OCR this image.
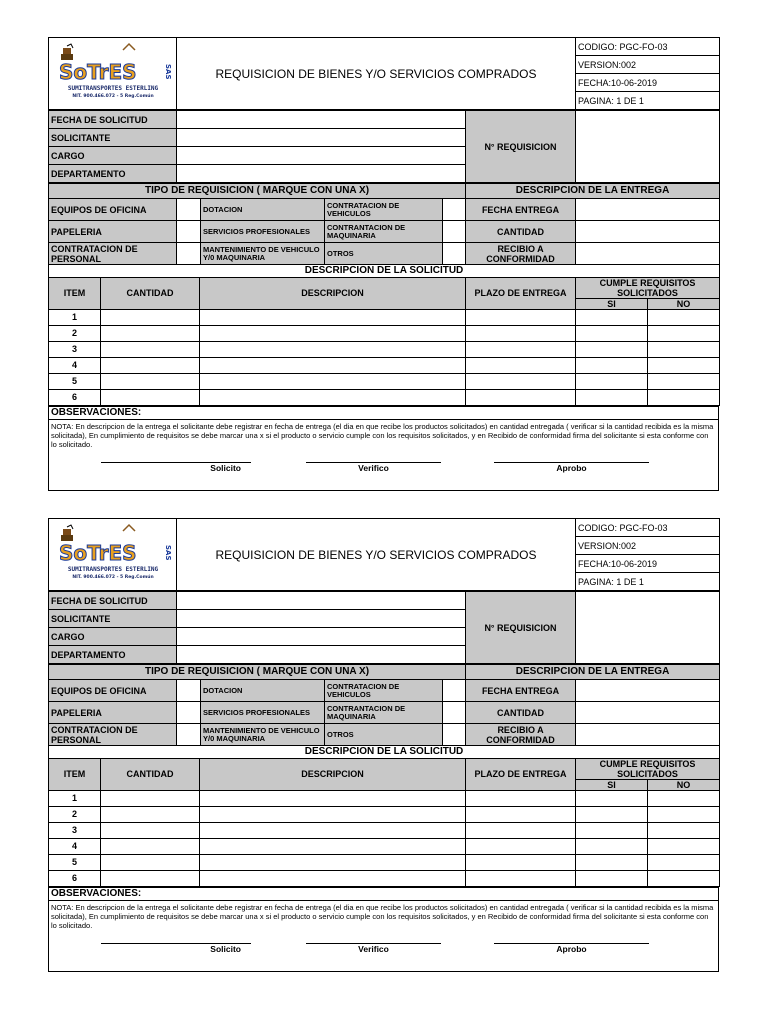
SoTrES	SAS
SUMITRANSPORTES ESTERLING
NIT. 900.466.072 - 5 Reg.Común
	REQUISICION DE BIENES Y/O SERVICIOS COMPRADOS	CODIGO: PGC-FO-03
VERSION:002
FECHA:10-06-2019
PAGINA: 1 DE 1
FECHA DE SOLICITUD		N° REQUISICION	
SOLICITANTE			
CARGO			
DEPARTAMENTO			
TIPO DE REQUISICION ( MARQUE CON UNA X)					DESCRIPCION DE LA ENTREGA	
EQUIPOS DE OFICINA		DOTACION	CONTRATACION DE VEHICULOS		FECHA ENTREGA	
PAPELERIA		SERVICIOS PROFESIONALES	CONTRANTACION DE MAQUINARIA		CANTIDAD	
CONTRATACION DE PERSONAL		MANTENIMIENTO DE VEHICULO Y/0 MAQUINARIA	OTROS		RECIBIO A CONFORMIDAD	
DESCRIPCION DE LA SOLICITUD					
ITEM	CANTIDAD	DESCRIPCION	PLAZO DE ENTREGA	CUMPLE REQUISITOS SOLICITADOS	
				SI	NO
1					
2					
3					
4					
5					
6					
OBSERVACIONES:

NOTA: En descripcion de la entrega el solicitante debe registrar en fecha de entrega (el dia en que recibe los productos solicitados) en cantidad entregada ( verificar si la cantidad recibida es la misma solicitada), En cumplimiento de requisitos se debe marcar una x si el producto o servicio cumple con los requisitos solicitados, y en Recibido de conformidad firma del solicitante si esta conforme con lo solicitado.
Solicito	Verifico	Aprobo
SoTrES	SAS
SUMITRANSPORTES ESTERLING
NIT. 900.466.072 - 5 Reg.Común
	REQUISICION DE BIENES Y/O SERVICIOS COMPRADOS	CODIGO: PGC-FO-03
VERSION:002
FECHA:10-06-2019
PAGINA: 1 DE 1
FECHA DE SOLICITUD		N° REQUISICION	
SOLICITANTE			
CARGO			
DEPARTAMENTO			
TIPO DE REQUISICION ( MARQUE CON UNA X)					DESCRIPCION DE LA ENTREGA	
EQUIPOS DE OFICINA		DOTACION	CONTRATACION DE VEHICULOS		FECHA ENTREGA	
PAPELERIA		SERVICIOS PROFESIONALES	CONTRANTACION DE MAQUINARIA		CANTIDAD	
CONTRATACION DE PERSONAL		MANTENIMIENTO DE VEHICULO Y/0 MAQUINARIA	OTROS		RECIBIO A CONFORMIDAD	
DESCRIPCION DE LA SOLICITUD					
ITEM	CANTIDAD	DESCRIPCION	PLAZO DE ENTREGA	CUMPLE REQUISITOS SOLICITADOS	
				SI	NO
1					
2					
3					
4					
5					
6					
OBSERVACIONES:

NOTA: En descripcion de la entrega el solicitante debe registrar en fecha de entrega (el dia en que recibe los productos solicitados) en cantidad entregada ( verificar si la cantidad recibida es la misma solicitada), En cumplimiento de requisitos se debe marcar una x si el producto o servicio cumple con los requisitos solicitados, y en Recibido de conformidad firma del solicitante si esta conforme con lo solicitado.
Solicito	Verifico	Aprobo
